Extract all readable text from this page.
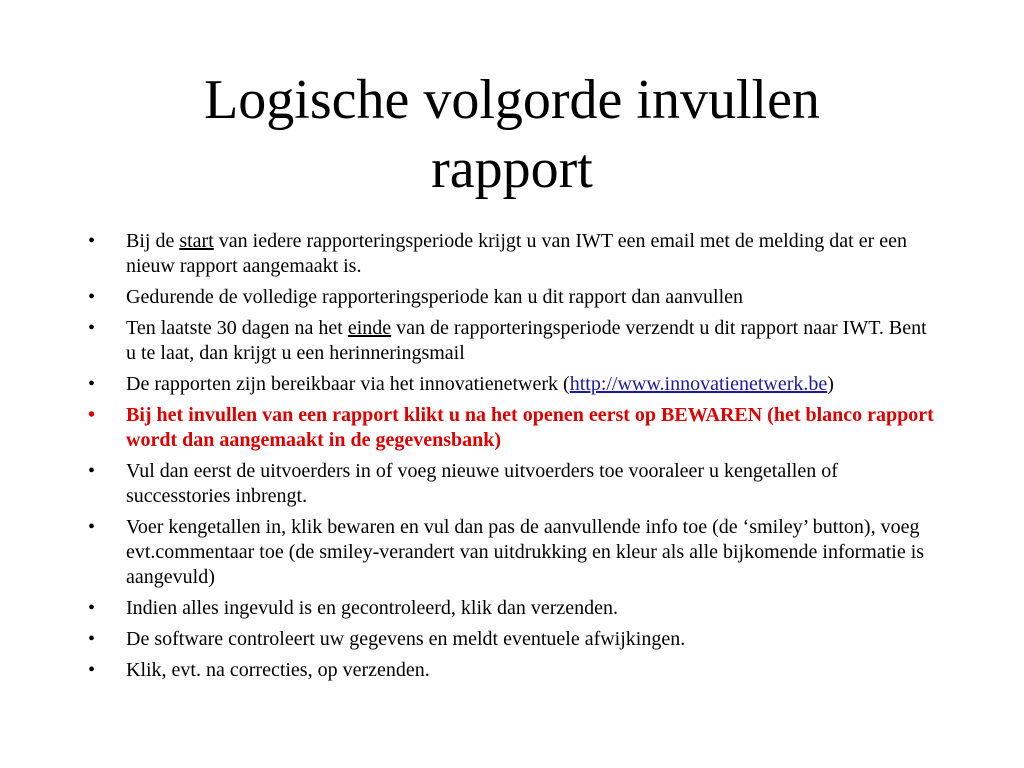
Logische volgorde invullen
rapport
• Bij de start van iedere rapporteringsperiode krijgt u van IWT een email met de melding dat er een nieuw rapport aangemaakt is.
• Gedurende de volledige rapporteringsperiode kan u dit rapport dan aanvullen
• Ten laatste 30 dagen na het einde van de rapporteringsperiode verzendt u dit rapport naar IWT. Bent u te laat, dan krijgt u een herinneringsmail
• De rapporten zijn bereikbaar via het innovatienetwerk (http://www.innovatienetwerk.be)
• Bij het invullen van een rapport klikt u na het openen eerst op BEWAREN (het blanco rapport wordt dan aangemaakt in de gegevensbank)
• Vul dan eerst de uitvoerders in of voeg nieuwe uitvoerders toe vooraleer u kengetallen of successtories inbrengt.
• Voer kengetallen in, klik bewaren en vul dan pas de aanvullende info toe (de ‘smiley’ button), voeg evt.commentaar toe (de smiley-verandert van uitdrukking en kleur als alle bijkomende informatie is aangevuld)
• Indien alles ingevuld is en gecontroleerd, klik dan verzenden.
• De software controleert uw gegevens en meldt eventuele afwijkingen.
• Klik, evt. na correcties, op verzenden.
